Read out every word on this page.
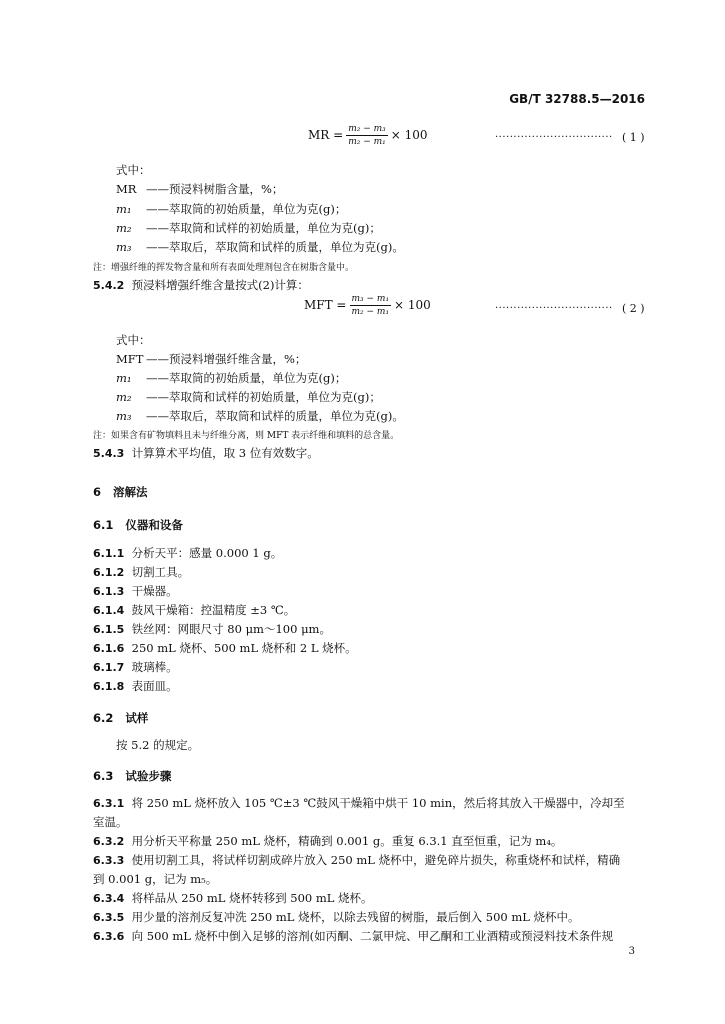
GB/T 32788.5—2016
MR = $\frac{\text{m₂ − m₃}}{\text{m₂ − m₁}} \times 100$	································ ( 1 )
式中：
MR ——预浸料树脂含量，%；
m₁ ——萃取筒的初始质量，单位为克(g)；
m₂ ——萃取筒和试样的初始质量，单位为克(g)；
m₃ ——萃取后，萃取筒和试样的质量，单位为克(g)。
注：增强纤维的挥发物含量和所有表面处理剂包含在树脂含量中。
5.4.2 预浸料增强纤维含量按式(2)计算：
MFT = $\frac{\text{m₃ − m₁}}{\text{m₂ − m₁}} \times 100$	································ ( 2 )
式中：
MFT ——预浸料增强纤维含量，%；
m₁ ——萃取筒的初始质量，单位为克(g)；
m₂ ——萃取筒和试样的初始质量，单位为克(g)；
m₃ ——萃取后，萃取筒和试样的质量，单位为克(g)。
注：如果含有矿物填料且未与纤维分离，则 MFT 表示纤维和填料的总含量。
5.4.3 计算算术平均值，取 3 位有效数字。
6 溶解法
6.1 仪器和设备
6.1.1 分析天平：感量 0.000 1 g。
6.1.2 切割工具。
6.1.3 干燥器。
6.1.4 鼓风干燥箱：控温精度 ±3 ℃。
6.1.5 铁丝网：网眼尺寸 80 μm～100 μm。
6.1.6 250 mL 烧杯、500 mL 烧杯和 2 L 烧杯。
6.1.7 玻璃棒。
6.1.8 表面皿。
6.2 试样
按 5.2 的规定。
6.3 试验步骤
6.3.1 将 250 mL 烧杯放入 105 ℃±3 ℃鼓风干燥箱中烘干 10 min，然后将其放入干燥器中，冷却至
室温。
6.3.2 用分析天平称量 250 mL 烧杯，精确到 0.001 g。重复 6.3.1 直至恒重，记为 m₄。
6.3.3 使用切割工具，将试样切割成碎片放入 250 mL 烧杯中，避免碎片损失，称重烧杯和试样，精确
到 0.001 g，记为 m₅。
6.3.4 将样品从 250 mL 烧杯转移到 500 mL 烧杯。
6.3.5 用少量的溶剂反复冲洗 250 mL 烧杯，以除去残留的树脂，最后倒入 500 mL 烧杯中。
6.3.6 向 500 mL 烧杯中倒入足够的溶剂(如丙酮、二氯甲烷、甲乙酮和工业酒精或预浸料技术条件规
3
